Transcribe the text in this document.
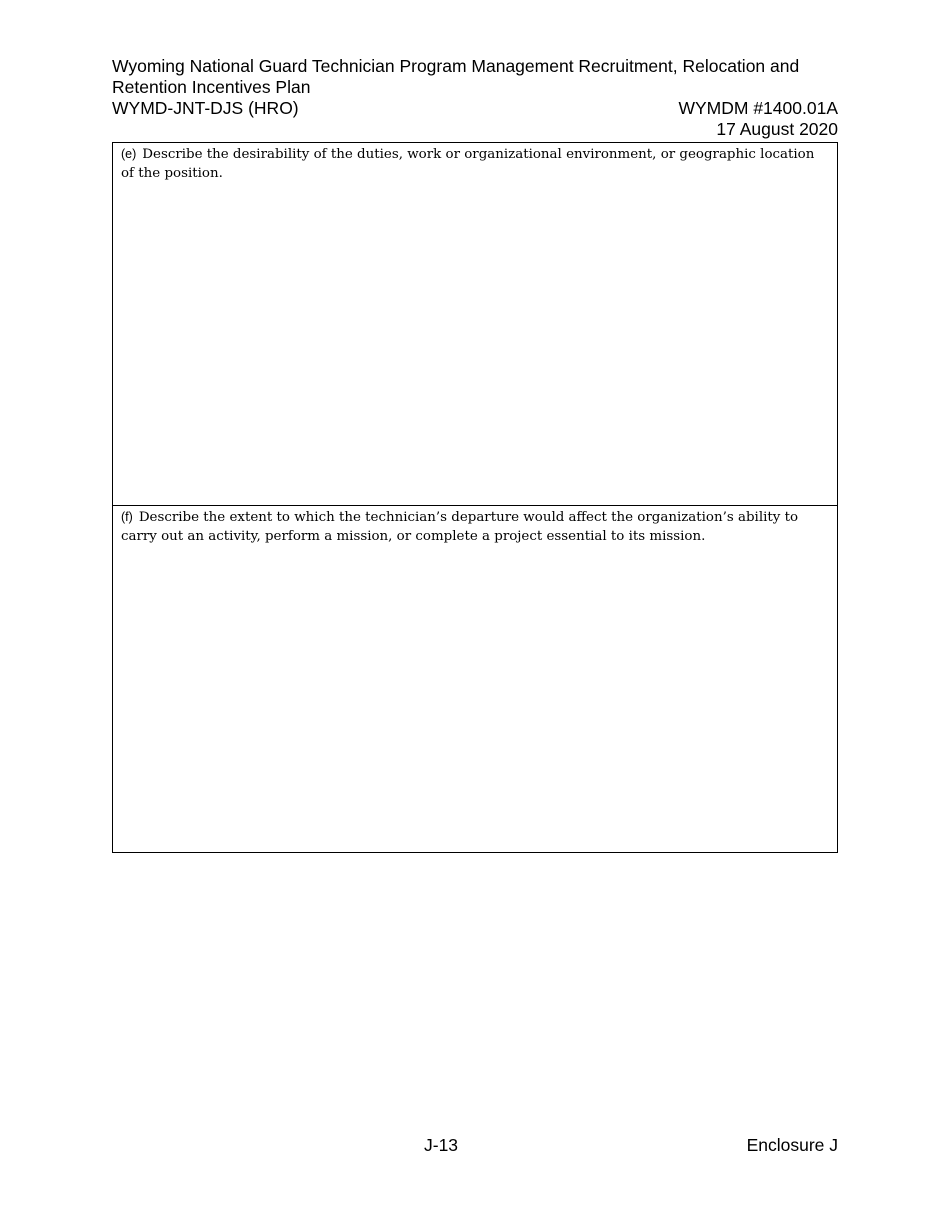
Wyoming National Guard Technician Program Management Recruitment, Relocation and Retention Incentives Plan
WYMD-JNT-DJS (HRO)	WYMDM #1400.01A
17 August 2020
(e) Describe the desirability of the duties, work or organizational environment, or geographic location of the position.
(f) Describe the extent to which the technician’s departure would affect the organization’s ability to carry out an activity, perform a mission, or complete a project essential to its mission.
J-13	Enclosure J
